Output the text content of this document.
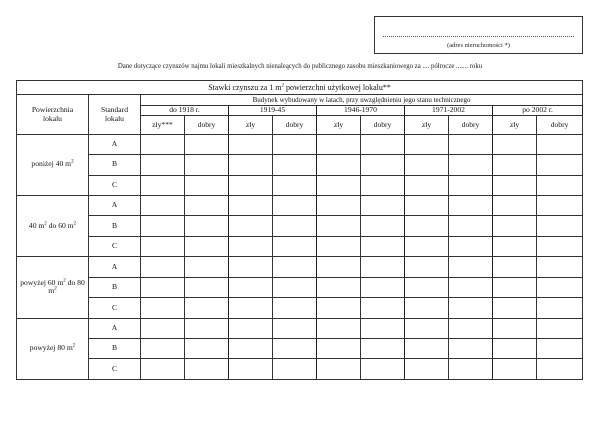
(adres nieruchomości *)
Dane dotyczące czynszów najmu lokali mieszkalnych nienaleących do publicznego zasobu mieszkaniowego za .... półrocze ....... roku
Stawki czynszu za 1 $m^2$ powierzchni użytkowej lokalu**											
Powierzchnia lokalu	Standard lokalu	Budynek wybudowany w latach, przy uwzględnieniu jego stanu technicznego									
		do 1918 r.		1919-45		1946-1970		1971-2002		po 2002 r.	
		zły***	dobry	zły	dobry	zły	dobry	zły	dobry	zły	dobry
poniżej 40 $m^2$	A										
	B										
	C										
40 $m^2$ do 60 $m^2$	A										
	B										
	C										
powyżej 60 $m^2$ do 80 $m^2$	A										
	B										
	C										
powyżej 80 $m^2$	A										
	B										
	C										
